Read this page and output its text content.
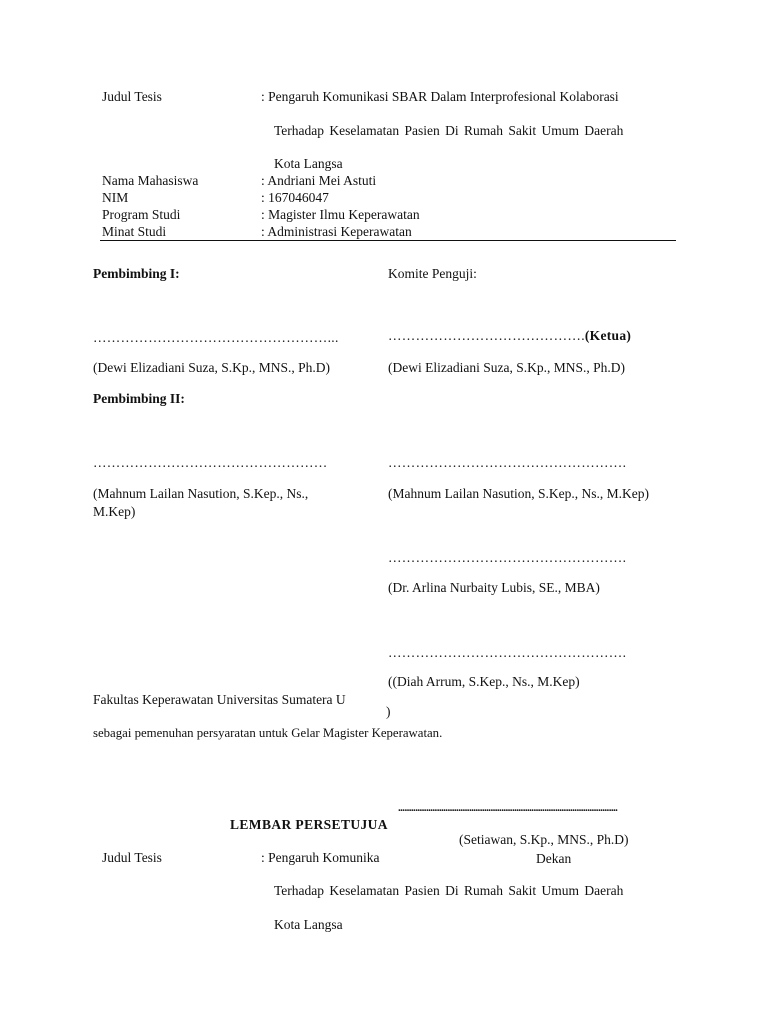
Judul Tesis	: Pengaruh Komunikasi SBAR Dalam Interprofesional Kolaborasi
Terhadap Keselamatan Pasien Di Rumah Sakit Umum Daerah
Kota Langsa
Nama Mahasiswa	: Andriani Mei Astuti
NIM	: 167046047
Program Studi	: Magister Ilmu Keperawatan
Minat Studi	: Administrasi Keperawatan
Pembimbing I:
……………………………………………...
(Dewi Elizadiani Suza, S.Kp., MNS., Ph.D)
Pembimbing II:
……………………………………………
(Mahnum Lailan Nasution, S.Kep., Ns.,
M.Kep)
Komite Penguji:
…………………………………….(Ketua)
(Dewi Elizadiani Suza, S.Kp., MNS., Ph.D)
…………………………………………….
(Mahnum Lailan Nasution, S.Kep., Ns., M.Kep)
…………………………………………….
(Dr. Arlina Nurbaity Lubis, SE., MBA)
…………………………………………….
Fakultas Keperawatan Universitas Sumatera U
((Diah Arrum, S.Kep., Ns., M.Kep)
)
sebagai pemenuhan persyaratan untuk Gelar Magister Keperawatan.
LEMBAR PERSETUJUA
Judul Tesis	: Pengaruh Komunika
Terhadap Keselamatan Pasien Di Rumah Sakit Umum Daerah
Kota Langsa
......................................................................................................
(Setiawan, S.Kp., MNS., Ph.D)
Dekan
